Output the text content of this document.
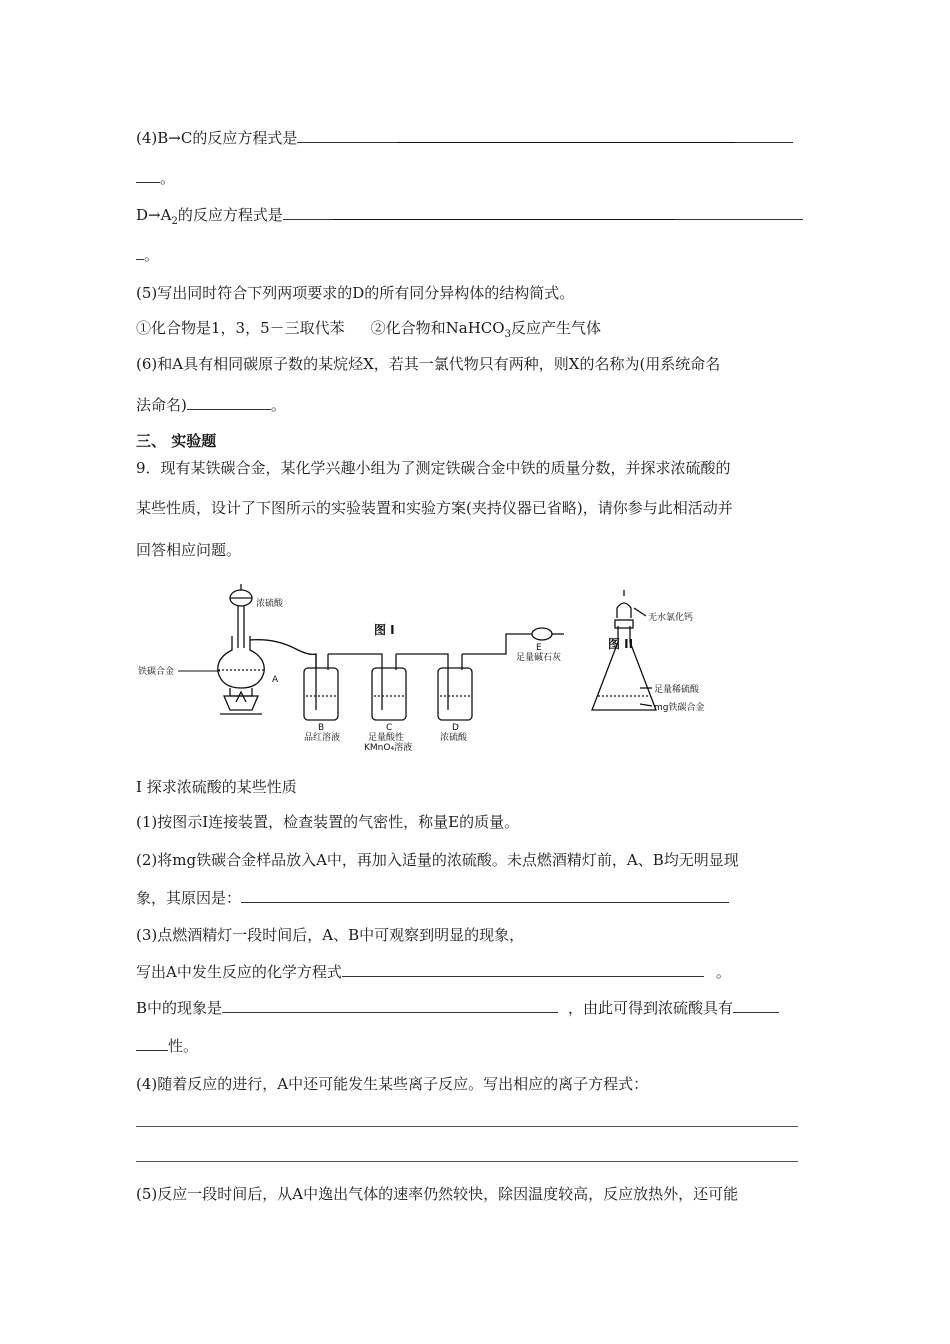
(4)B→C的反应方程式是
。
$D\to A_2$的反应方程式是
。
(5)写出同时符合下列两项要求的D的所有同分异构体的结构简式。
①化合物是1，3，5－三取代苯 ②化合物和NaHCO$_3$反应产生气体
(6)和A具有相同碳原子数的某烷烃X，若其一氯代物只有两种，则X的名称为(用系统命名
法命名)	。
三、 实验题
9．现有某铁碳合金，某化学兴趣小组为了测定铁碳合金中铁的质量分数，并探求浓硫酸的
某些性质，设计了下图所示的实验装置和实验方案(夹持仪器已省略)，请你参与此相活动并
回答相应问题。
浓硫酸
铁碳合金
A
图 I
B
品红溶液
C
足量酸性
KMnO₄溶液
D
浓硫酸
E
足量碱石灰
图 II
无水氯化钙
足量稀硫酸
mg铁碳合金
Ⅰ 探求浓硫酸的某些性质
(1)按图示Ⅰ连接装置，检查装置的气密性，称量E的质量。
(2)将mg铁碳合金样品放入A中，再加入适量的浓硫酸。未点燃酒精灯前，A、B均无明显现
象，其原因是：
(3)点燃酒精灯一段时间后，A、B中可观察到明显的现象，
写出A中发生反应的化学方程式	。
B中的现象是	，由此可得到浓硫酸具有
性。
(4)随着反应的进行，A中还可能发生某些离子反应。写出相应的离子方程式：
(5)反应一段时间后，从A中逸出气体的速率仍然较快，除因温度较高，反应放热外，还可能
